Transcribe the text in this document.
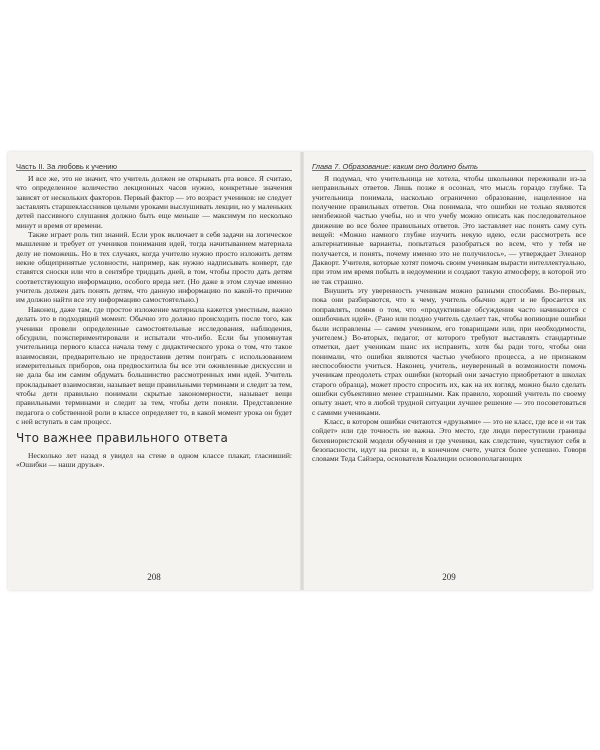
Часть II. За любовь к учению

И все же, это не значит, что учитель должен не открывать рта вовсе. Я считаю, что определенное количество лекционных часов нужно, конкретные значения зависят от нескольких факторов. Первый фактор — это возраст учеников: не следует заставлять старшеклассников целыми уроками выслушивать лекции, но у маленьких детей пассивного слушания должно быть еще меньше — максимум по несколько минут и время от времени.

Также играет роль тип знаний. Если урок включает в себя задачи на логическое мышление и требует от учеников понимания идей, тогда начитыванием материала делу не поможешь. Но в тех случаях, когда учителю нужно просто изложить детям некие общепринятые условности, например, как нужно надписывать конверт, где ставятся сноски или что в сентябре тридцать дней, в том, чтобы просто дать детям соответствующую информацию, особого вреда нет. (Но даже в этом случае именно учитель должен дать понять детям, что данную информацию по какой-то причине им должно найти все эту информацию самостоятельно.)

Наконец, даже там, где простое изложение материала кажется уместным, важно делать это в подходящий момент. Обычно это должно происходить после того, как ученики провели определенные самостоятельные исследования, наблюдения, обсудили, поэкспериментировали и испытали что-либо. Если бы упомянутая учительница первого класса начала тему с дидактического урока о том, что такое взаимосвязи, предварительно не предоставив детям поиграть с использованием измерительных приборов, она предвосхитила бы все эти оживленные дискуссии и не дала бы им самим обдумать большинство рассмотренных ими идей. Учитель прокладывает взаимосвязи, называет вещи правильными терминами и следит за тем, чтобы дети правильно понимали скрытые закономерности, называет вещи правильными терминами и следит за тем, чтобы дети поняли. Представление педагога о собственной роли в классе определяет то, в какой момент урока он будет с ней вступать в сам процесс.

Что важнее правильного ответа

Несколько лет назад я увидел на стене в одном классе плакат, гласивший: «Ошибки — наши друзья».

208
Глава 7. Образование: каким оно должно быть

Я подумал, что учительница не хотела, чтобы школьники переживали из-за неправильных ответов. Лишь позже я осознал, что мысль гораздо глубже. Та учительница понимала, насколько ограничено образование, нацеленное на получение правильных ответов. Она понимала, что ошибки не только являются неизбежной частью учебы, но и что учебу можно описать как последовательное движение во все более правильных ответов. Это заставляет нас понять саму суть вещей: «Можно намного глубже изучить некую идею, если рассмотреть все альтернативные варианты, попытаться разобраться во всем, что у тебя не получается, и понять, почему именно это не получилось», — утверждает Элеанор Дакворт. Учителя, которые хотят помочь своим ученикам вырасти интеллектуально, при этом им время побыть в недоумении и создают такую атмосферу, в которой это не так страшно.

Внушить эту уверенность ученикам можно разными способами. Во-первых, пока они разбираются, что к чему, учитель обычно ждет и не бросается их поправлять, помня о том, что «продуктивные обсуждения часто начинаются с ошибочных идей». (Рано или поздно учитель сделает так, чтобы вопиющие ошибки были исправлены — самим учеником, его товарищами или, при необходимости, учителем.) Во-вторых, педагог, от которого требуют выставлять стандартные отметки, дает ученикам шанс их исправить, хотя бы ради того, чтобы они понимали, что ошибки являются частью учебного процесса, а не признаком неспособности учиться. Наконец, учитель, неуверенный в возможности помочь ученикам преодолеть страх ошибки (который они зачастую приобретают в школах старого образца), может просто спросить их, как на их взгляд, можно было сделать ошибки субъективно менее страшными. Как правило, хороший учитель по своему опыту знает, что в любой трудной ситуации лучшее решение — это посоветоваться с самими учениками.

Класс, в котором ошибки считаются «друзьями» — это не класс, где все и «и так сойдет» или где точность не важна. Это место, где люди переступили границы бихевиористской модели обучения и где ученики, как следствие, чувствуют себя в безопасности, идут на риски и, в конечном счете, учатся более успешно. Говоря словами Теда Сайзера, основателя Коалиции основополагающих

209
